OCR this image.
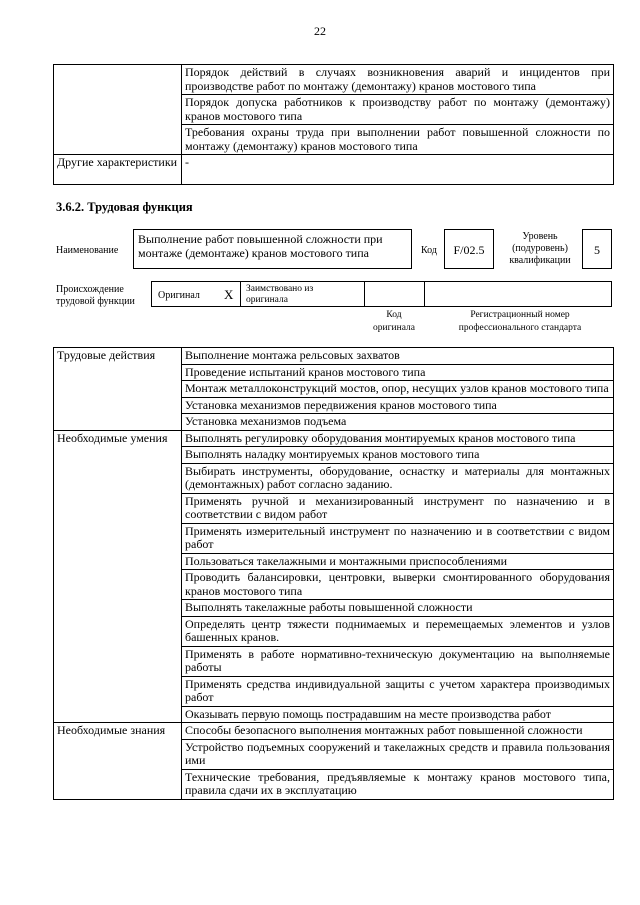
22
	Порядок действий в случаях возникновения аварий и инцидентов при производстве работ по монтажу (демонтажу) кранов мостового типа
	Порядок допуска работников к производству работ по монтажу (демонтажу) кранов мостового типа
	Требования охраны труда при выполнении работ повышенной сложности по монтажу (демонтажу) кранов мостового типа
Другие характеристики	-
3.6.2. Трудовая функция
Наименование
Выполнение работ повышенной сложности при монтаже (демонтаже) кранов мостового типа	Код	F/02.5
Уровень (подуровень) квалификации
5
Происхождение трудовой функции
Оригинал X Заимствовано из оригинала
Код оригинала
Регистрационный номер профессионального стандарта
Трудовые действия	Выполнение монтажа рельсовых захватов
	Проведение испытаний кранов мостового типа
	Монтаж металлоконструкций мостов, опор, несущих узлов кранов мостового типа
	Установка механизмов передвижения кранов мостового типа
	Установка механизмов подъема
Необходимые умения	Выполнять регулировку оборудования монтируемых кранов мостового типа
	Выполнять наладку монтируемых кранов мостового типа
	Выбирать инструменты, оборудование, оснастку и материалы для монтажных (демонтажных) работ согласно заданию.
	Применять ручной и механизированный инструмент по назначению и в соответствии с видом работ
	Применять измерительный инструмент по назначению и в соответствии с видом работ
	Пользоваться такелажными и монтажными приспособлениями
	Проводить балансировки, центровки, выверки смонтированного оборудования кранов мостового типа
	Выполнять такелажные работы повышенной сложности
	Определять центр тяжести поднимаемых и перемещаемых элементов и узлов башенных кранов.
	Применять в работе нормативно-техническую документацию на выполняемые работы
	Применять средства индивидуальной защиты с учетом характера производимых работ
	Оказывать первую помощь пострадавшим на месте производства работ
Необходимые знания	Способы безопасного выполнения монтажных работ повышенной сложности
	Устройство подъемных сооружений и такелажных средств и правила пользования ими
	Технические требования, предъявляемые к монтажу кранов мостового типа, правила сдачи их в эксплуатацию
